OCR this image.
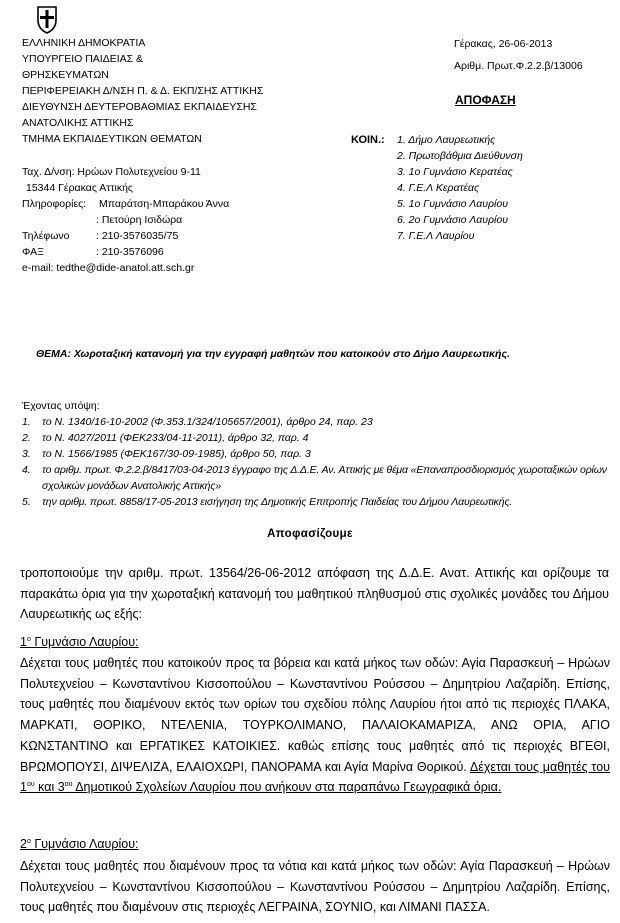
ΕΛΛΗΝΙΚΗ ΔΗΜΟΚΡΑΤΙΑ
ΥΠΟΥΡΓΕΙΟ ΠΑΙΔΕΙΑΣ &
ΘΡΗΣΚΕΥΜΑΤΩΝ
ΠΕΡΙΦΕΡΕΙΑΚΗ Δ/ΝΣΗ Π. & Δ. ΕΚΠ/ΣΗΣ ΑΤΤΙΚΗΣ
ΔΙΕΥΘΥΝΣΗ ΔΕΥΤΕΡΟΒΑΘΜΙΑΣ ΕΚΠΑΙΔΕΥΣΗΣ
ΑΝΑΤΟΛΙΚΗΣ ΑΤΤΙΚΗΣ
ΤΜΗΜΑ ΕΚΠΑΙΔΕΥΤΙΚΩΝ ΘΕΜΑΤΩΝ
Γέρακας, 26-06-2013
Αριθμ. Πρωτ.Φ.2.2.β/13006
ΑΠΟΦΑΣΗ
Ταχ. Δ/νση: Ηρώων Πολυτεχνείου 9-11
15344 Γέρακας Αττικής
Πληροφορίες: Μπαράτση-Μπαράκου Άννα
: Πετούρη Ισιδώρα
Τηλέφωνο	: 210-3576035/75
ΦΑΞ	: 210-3576096
e-mail: tedthe@dide-anatol.att.sch.gr
ΚΟΙΝ.: 1. Δήμο Λαυρεωτικής
2. Πρωτοβάθμια Διεύθυνση
3. 1ο Γυμνάσιο Κερατέας
4. Γ.Ε.Λ Κερατέας
5. 1ο Γυμνάσιο Λαυρίου
6. 2ο Γυμνάσιο Λαυρίου
7. Γ.Ε.Λ Λαυρίου
ΘΕΜΑ: Χωροταξική κατανομή για την εγγραφή μαθητών που κατοικούν στο Δήμο Λαυρεωτικής.
Έχοντας υπόψη:
1. το Ν. 1340/16-10-2002 (Φ.353.1/324/105657/2001), άρθρο 24, παρ. 23
2. το Ν. 4027/2011 (ΦΕΚ233/04-11-2011), άρθρο 32, παρ. 4
3. το Ν. 1566/1985 (ΦΕΚ167/30-09-1985), άρθρο 50, παρ. 3
4. το αριθμ. πρωτ. Φ.2.2.β/8417/03-04-2013 έγγραφο της Δ.Δ.Ε. Αν. Αττικής με θέμα «Επαναπροσδιορισμός χωροταξικών ορίων σχολικών μονάδων Ανατολικής Αττικής»
5. την αριθμ. πρωτ. 8858/17-05-2013 εισήγηση της Δημοτικής Επιτροπής Παιδείας του Δήμου Λαυρεωτικής.
Αποφασίζουμε
τροποποιούμε την αριθμ. πρωτ. 13564/26-06-2012 απόφαση της Δ.Δ.Ε. Ανατ. Αττικής και ορίζουμε τα παρακάτω όρια για την χωροταξική κατανομή του μαθητικού πληθυσμού στις σχολικές μονάδες του Δήμου Λαυρεωτικής ως εξής:
$1^o$ Γυμνάσιο Λαυρίου:
Δέχεται τους μαθητές που κατοικούν προς τα βόρεια και κατά μήκος των οδών: Αγία Παρασκευή – Ηρώων Πολυτεχνείου – Κωνσταντίνου Κισσοπούλου – Κωνσταντίνου Ρούσσου – Δημητρίου Λαζαρίδη. Επίσης, τους μαθητές που διαμένουν εκτός των ορίων του σχεδίου πόλης Λαυρίου ήτοι από τις περιοχές ΠΛΑΚΑ, ΜΑΡΚΑΤΙ, ΘΟΡΙΚΟ, ΝΤΕΛΕΝΙΑ, ΤΟΥΡΚΟΛΙΜΑΝΟ, ΠΑΛΑΙΟΚΑΜΑΡΙΖΑ, ΑΝΩ ΟΡΙΑ, ΑΓΙΟ ΚΩΝΣΤΑΝΤΙΝΟ και ΕΡΓΑΤΙΚΕΣ ΚΑΤΟΙΚΙΕΣ. καθώς επίσης τους μαθητές από τις περιοχές ΒΓΕΘΙ, ΒΡΩΜΟΠΟΥΣΙ, ΔΙΨΕΛΙΖΑ, ΕΛΑΙΟΧΩΡΙ, ΠΑΝΟΡΑΜΑ και Αγία Μαρίνα Θορικού. Δέχεται τους μαθητές του $1^{o\upsilon}$ και $3^{o\upsilon}$ Δημοτικού Σχολείων Λαυρίου που ανήκουν στα παραπάνω Γεωγραφικά όρια.
$2^o$ Γυμνάσιο Λαυρίου:
Δέχεται τους μαθητές που διαμένουν προς τα νότια και κατά μήκος των οδών: Αγία Παρασκευή – Ηρώων Πολυτεχνείου – Κωνσταντίνου Κισσοπούλου – Κωνσταντίνου Ρούσσου – Δημητρίου Λαζαρίδη. Επίσης, τους μαθητές που διαμένουν στις περιοχές ΛΕΓΡΑΙΝΑ, ΣΟΥΝΙΟ, και ΛΙΜΑΝΙ ΠΑΣΣΑ.
